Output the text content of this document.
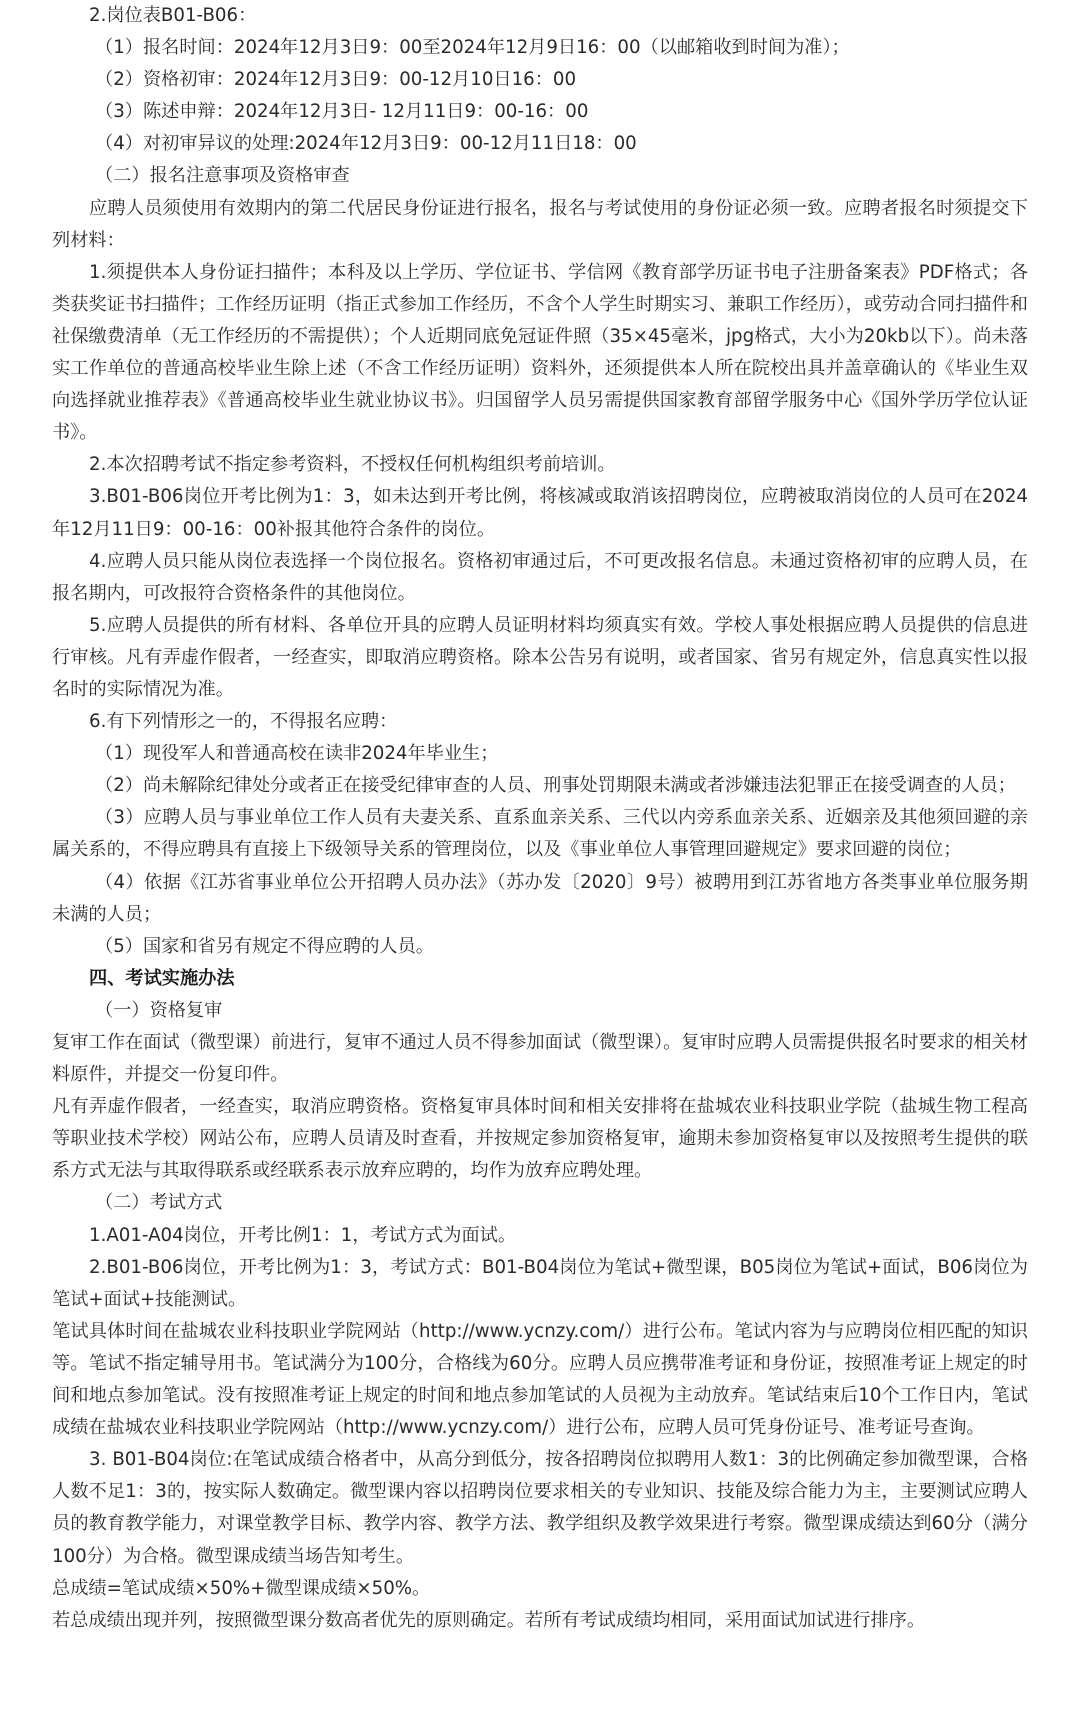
2.岗位表B01-B06：

（1）报名时间：2024年12月3日9：00至2024年12月9日16：00（以邮箱收到时间为准）；

（2）资格初审：2024年12月3日9：00-12月10日16：00

（3）陈述申辩：2024年12月3日- 12月11日9：00-16：00

（4）对初审异议的处理:2024年12月3日9：00-12月11日18：00

（二）报名注意事项及资格审查

应聘人员须使用有效期内的第二代居民身份证进行报名，报名与考试使用的身份证必须一致。应聘者报名时须提交下列材料：

1.须提供本人身份证扫描件；本科及以上学历、学位证书、学信网《教育部学历证书电子注册备案表》PDF格式；各类获奖证书扫描件；工作经历证明（指正式参加工作经历，不含个人学生时期实习、兼职工作经历），或劳动合同扫描件和社保缴费清单（无工作经历的不需提供）；个人近期同底免冠证件照（35×45毫米，jpg格式，大小为20kb以下）。尚未落实工作单位的普通高校毕业生除上述（不含工作经历证明）资料外，还须提供本人所在院校出具并盖章确认的《毕业生双向选择就业推荐表》《普通高校毕业生就业协议书》。归国留学人员另需提供国家教育部留学服务中心《国外学历学位认证书》。

2.本次招聘考试不指定参考资料，不授权任何机构组织考前培训。

3.B01-B06岗位开考比例为1：3，如未达到开考比例，将核减或取消该招聘岗位，应聘被取消岗位的人员可在2024年12月11日9：00-16：00补报其他符合条件的岗位。

4.应聘人员只能从岗位表选择一个岗位报名。资格初审通过后，不可更改报名信息。未通过资格初审的应聘人员，在报名期内，可改报符合资格条件的其他岗位。

5.应聘人员提供的所有材料、各单位开具的应聘人员证明材料均须真实有效。学校人事处根据应聘人员提供的信息进行审核。凡有弄虚作假者，一经查实，即取消应聘资格。除本公告另有说明，或者国家、省另有规定外，信息真实性以报名时的实际情况为准。

6.有下列情形之一的，不得报名应聘：

（1）现役军人和普通高校在读非2024年毕业生；

（2）尚未解除纪律处分或者正在接受纪律审查的人员、刑事处罚期限未满或者涉嫌违法犯罪正在接受调查的人员；

（3）应聘人员与事业单位工作人员有夫妻关系、直系血亲关系、三代以内旁系血亲关系、近姻亲及其他须回避的亲属关系的，不得应聘具有直接上下级领导关系的管理岗位，以及《事业单位人事管理回避规定》要求回避的岗位；

（4）依据《江苏省事业单位公开招聘人员办法》（苏办发〔2020〕9号）被聘用到江苏省地方各类事业单位服务期未满的人员；

（5）国家和省另有规定不得应聘的人员。

四、考试实施办法

（一）资格复审

复审工作在面试（微型课）前进行，复审不通过人员不得参加面试（微型课）。复审时应聘人员需提供报名时要求的相关材料原件，并提交一份复印件。

凡有弄虚作假者，一经查实，取消应聘资格。资格复审具体时间和相关安排将在盐城农业科技职业学院（盐城生物工程高等职业技术学校）网站公布，应聘人员请及时查看，并按规定参加资格复审，逾期未参加资格复审以及按照考生提供的联系方式无法与其取得联系或经联系表示放弃应聘的，均作为放弃应聘处理。

（二）考试方式

1.A01-A04岗位，开考比例1：1，考试方式为面试。

2.B01-B06岗位，开考比例为1：3，考试方式：B01-B04岗位为笔试+微型课，B05岗位为笔试+面试，B06岗位为笔试+面试+技能测试。

笔试具体时间在盐城农业科技职业学院网站（http://www.ycnzy.com/）进行公布。笔试内容为与应聘岗位相匹配的知识等。笔试不指定辅导用书。笔试满分为100分，合格线为60分。应聘人员应携带准考证和身份证，按照准考证上规定的时间和地点参加笔试。没有按照准考证上规定的时间和地点参加笔试的人员视为主动放弃。笔试结束后10个工作日内，笔试成绩在盐城农业科技职业学院网站（http://www.ycnzy.com/）进行公布，应聘人员可凭身份证号、准考证号查询。

3. B01-B04岗位:在笔试成绩合格者中，从高分到低分，按各招聘岗位拟聘用人数1：3的比例确定参加微型课，合格人数不足1：3的，按实际人数确定。微型课内容以招聘岗位要求相关的专业知识、技能及综合能力为主，主要测试应聘人员的教育教学能力，对课堂教学目标、教学内容、教学方法、教学组织及教学效果进行考察。微型课成绩达到60分（满分100分）为合格。微型课成绩当场告知考生。

总成绩=笔试成绩×50%+微型课成绩×50%。

若总成绩出现并列，按照微型课分数高者优先的原则确定。若所有考试成绩均相同，采用面试加试进行排序。
